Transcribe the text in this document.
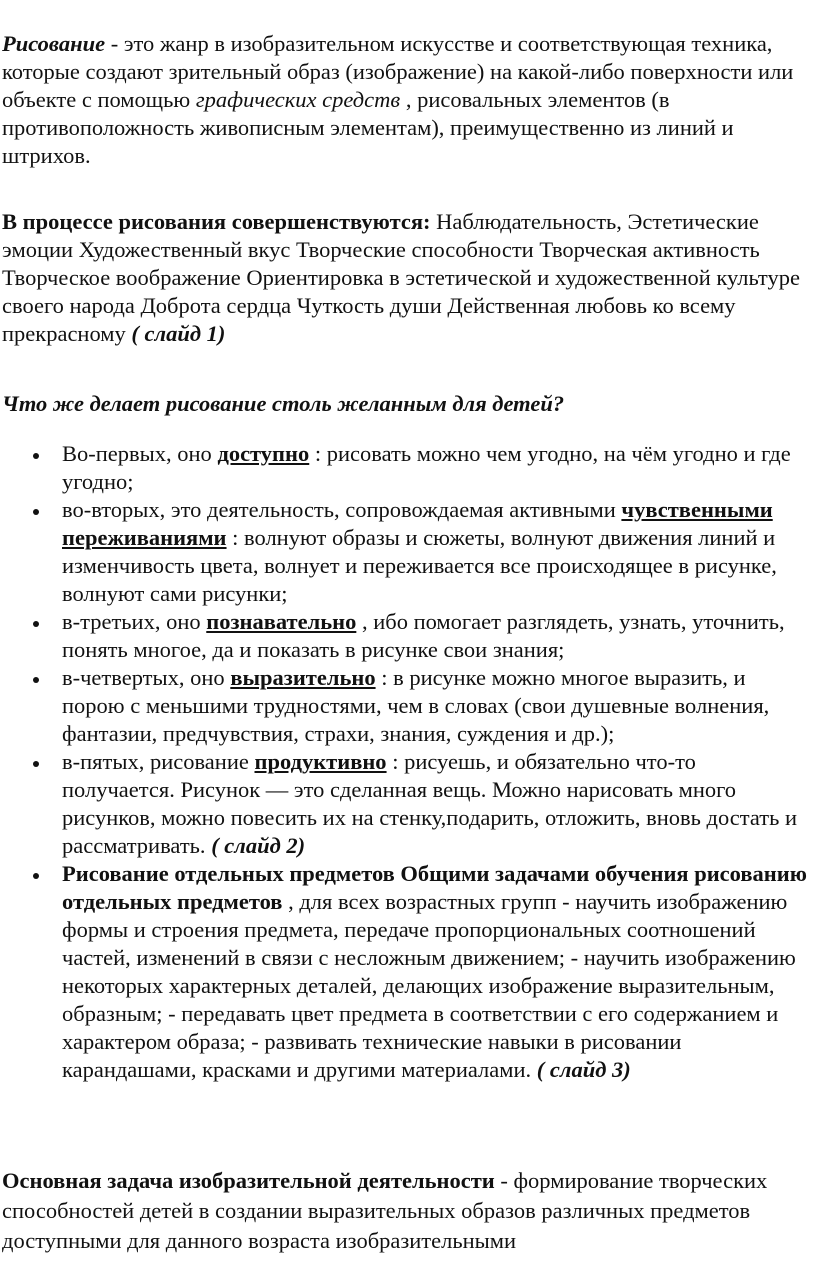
Рисование - это жанр в изобразительном искусстве и соответствующая техника, которые создают зрительный образ (изображение) на какой-либо поверхности или объекте с помощью графических средств , рисовальных элементов (в противоположность живописным элементам), преимущественно из линий и штрихов.

В процессе рисования совершенствуются: Наблюдательность, Эстетические эмоции Художественный вкус Творческие способности Творческая активность Творческое воображение Ориентировка в эстетической и художественной культуре своего народа Доброта сердца Чуткость души Действенная любовь ко всему прекрасному ( слайд 1)

Что же делает рисование столь желанным для детей?

Во-первых, оно доступно : рисовать можно чем угодно, на чём угодно и где угодно;
во-вторых, это деятельность, сопровождаемая активными чувственными переживаниями : волнуют образы и сюжеты, волнуют движения линий и изменчивость цвета, волнует и переживается все происходящее в рисунке, волнуют сами рисунки;
в-третьих, оно познавательно , ибо помогает разглядеть, узнать, уточнить, понять многое, да и показать в рисунке свои знания;
в-четвертых, оно выразительно : в рисунке можно многое выразить, и порою с меньшими трудностями, чем в словах (свои душевные волнения, фантазии, предчувствия, страхи, знания, суждения и др.);
в-пятых, рисование продуктивно : рисуешь, и обязательно что-то получается. Рисунок — это сделанная вещь. Можно нарисовать много рисунков, можно повесить их на стенку,подарить, отложить, вновь достать и рассматривать. ( слайд 2)
Рисование отдельных предметов Общими задачами обучения рисованию отдельных предметов , для всех возрастных групп - научить изображению формы и строения предмета, передаче пропорциональных соотношений частей, изменений в связи с несложным движением; - научить изображению некоторых характерных деталей, делающих изображение выразительным, образным; - передавать цвет предмета в соответствии с его содержанием и характером образа; - развивать технические навыки в рисовании карандашами, красками и другими материалами. ( слайд 3)

Основная задача изобразительной деятельности - формирование творческих способностей детей в создании выразительных образов различных предметов доступными для данного возраста изобразительными
